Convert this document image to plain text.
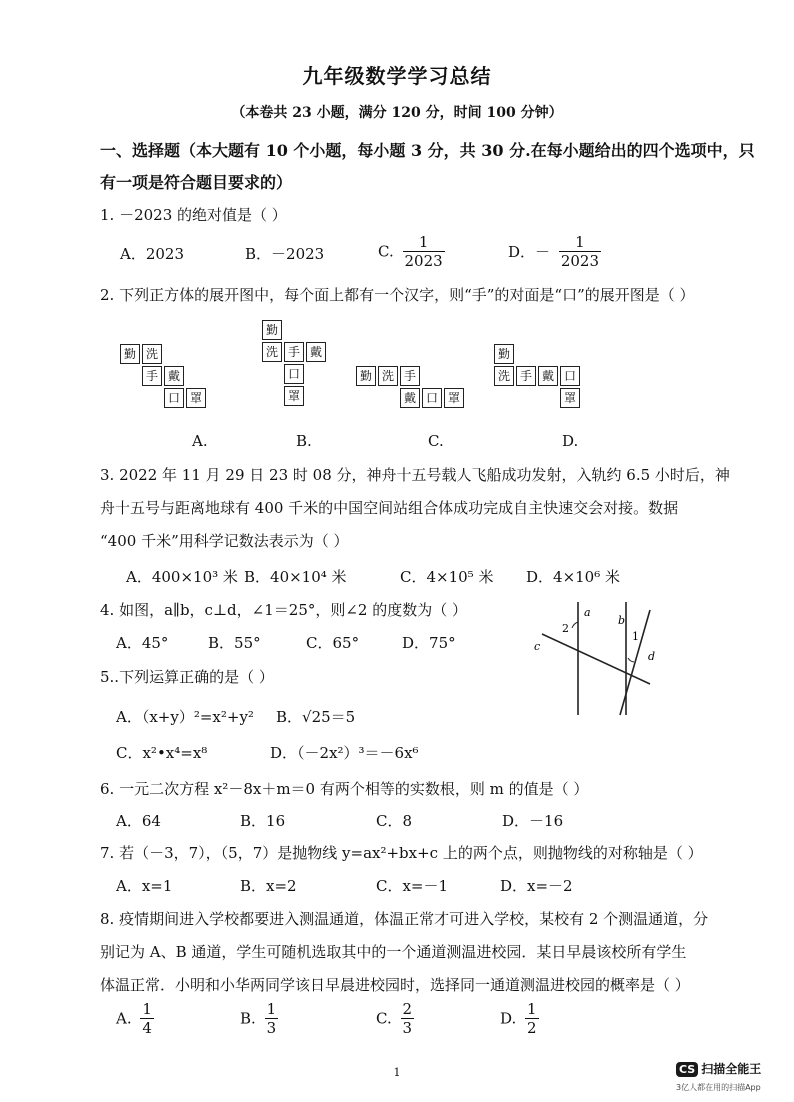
九年级数学学习总结
（本卷共 23 小题，满分 120 分，时间 100 分钟）
一、选择题（本大题有 10 个小题，每小题 3 分，共 30 分.在每小题给出的四个选项中，只
有一项是符合题目要求的）
1. －2023 的绝对值是（ ）
A．2023	B．－2023	C. $\frac{1}{2023}$	D．－ $\frac{1}{2023}$
2. 下列正方体的展开图中，每个面上都有一个汉字，则“手”的对面是“口”的展开图是（ ）
勤 洗
手 戴
口 罩
勤
洗 手 戴
口
罩
勤 洗 手
戴 口 罩
勤
洗 手 戴 口
罩
A.	B.	C.	D.
3. 2022 年 11 月 29 日 23 时 08 分，神舟十五号载人飞船成功发射，入轨约 6.5 小时后，神
舟十五号与距离地球有 400 千米的中国空间站组合体成功完成自主快速交会对接。数据
“400 千米”用科学记数法表示为（ ）
A．400×10³ 米 B．40×10⁴ 米	C．4×10⁵ 米 D．4×10⁶ 米
4. 如图，a∥b，c⊥d，∠1＝25°，则∠2 的度数为（ ）
A．45°	B．55°	C．65°	D．75°
a
b
c
d
2
1
5..下列运算正确的是（ ）
A．（x+y）²=x²+y² B．√25＝5
C．x²•x⁴=x⁸	D．（－2x²）³＝－6x⁶
6. 一元二次方程 x²－8x＋m＝0 有两个相等的实数根，则 m 的值是（ ）
A．64	B．16	C．8	D．－16
7. 若（－3，7），（5，7）是抛物线 y=ax²+bx+c 上的两个点，则抛物线的对称轴是（ ）
A．x=1	B．x=2	C．x=－1	D．x=－2
8. 疫情期间进入学校都要进入测温通道，体温正常才可进入学校，某校有 2 个测温通道，分
别记为 A、B 通道，学生可随机选取其中的一个通道测温进校园．某日早晨该校所有学生
体温正常．小明和小华两同学该日早晨进校园时，选择同一通道测温进校园的概率是（ ）
A. $\frac{1}{4}$	B. $\frac{1}{3}$	C. $\frac{2}{3}$	D. $\frac{1}{2}$
1	CS 扫描全能王
3亿人都在用的扫描App
